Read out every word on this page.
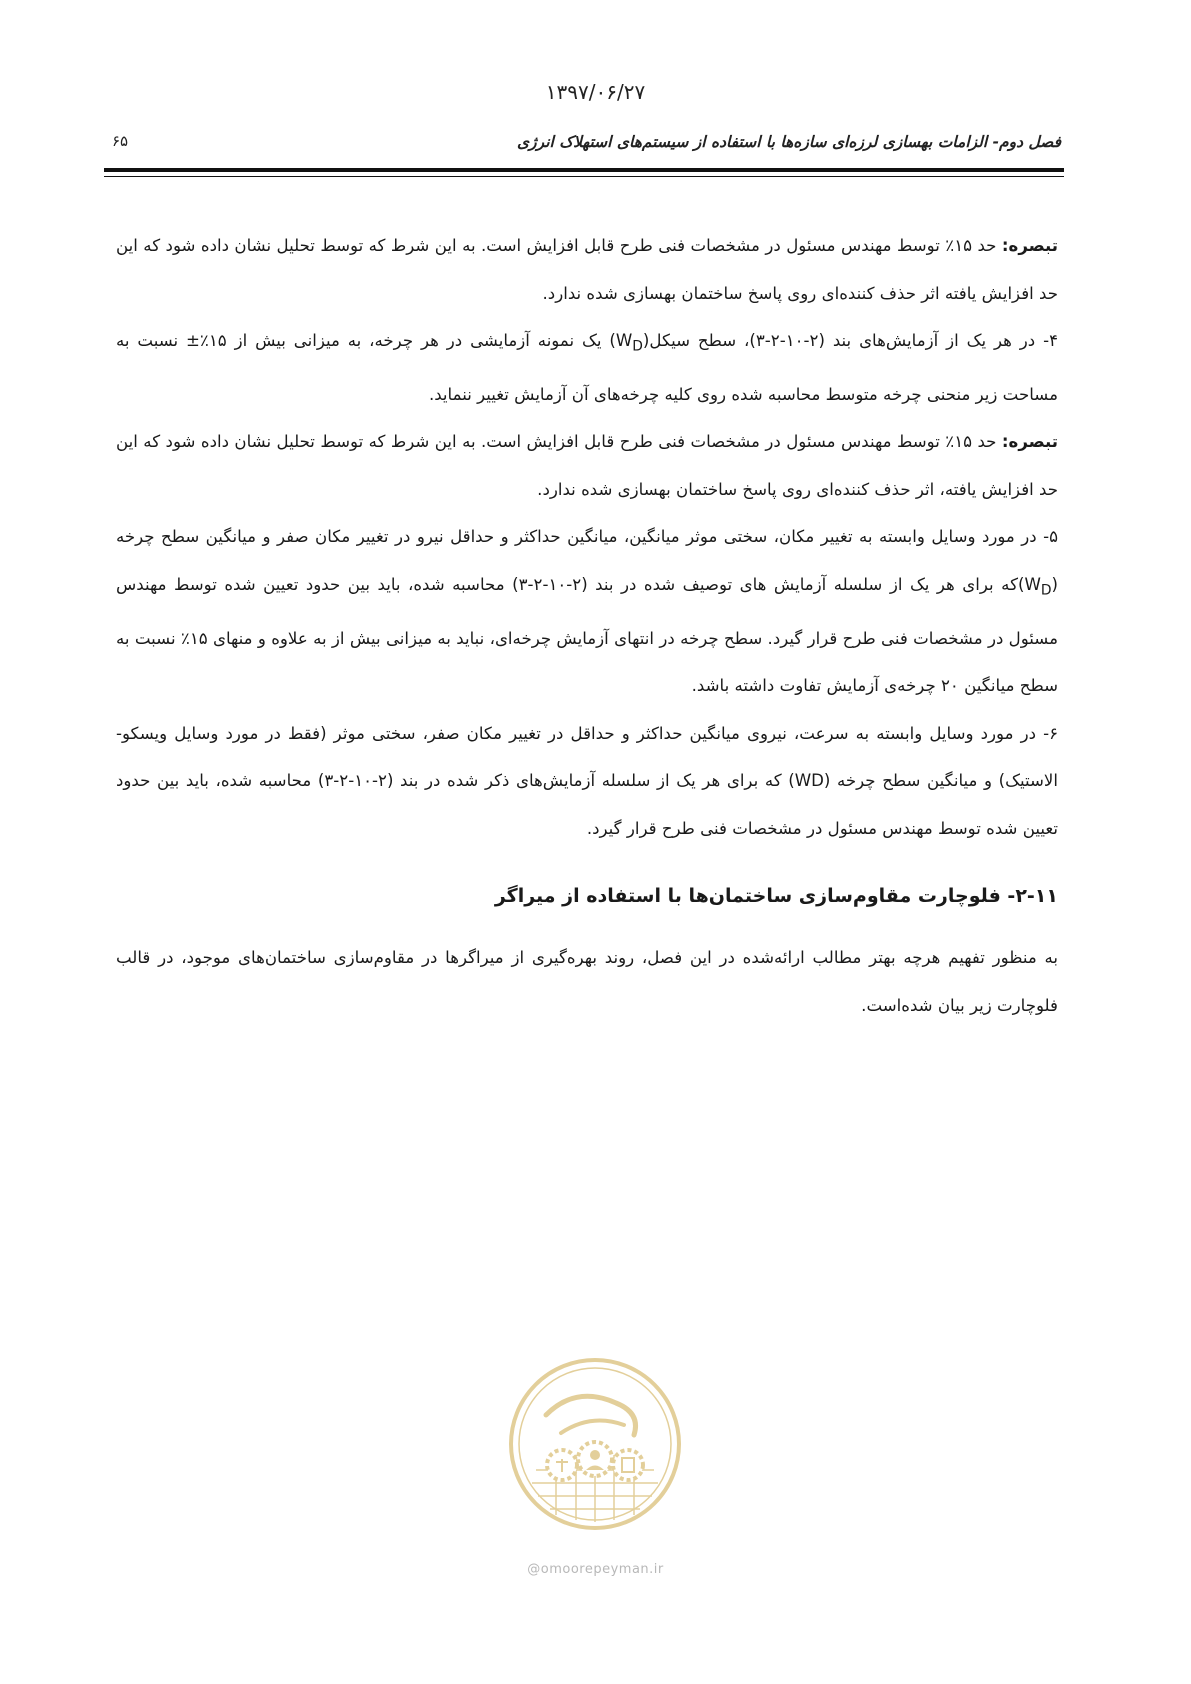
۱۳۹۷/۰۶/۲۷
فصل دوم- الزامات بهسازی لرزه‌ای سازه‌ها با استفاده از سیستم‌های استهلاک انرژی
۶۵

تبصره: حد ۱۵٪ توسط مهندس مسئول در مشخصات فنی طرح قابل افزایش است. به این شرط که توسط تحلیل نشان داده شود که این حد افزایش یافته اثر حذف کننده‌ای روی پاسخ ساختمان بهسازی شده ندارد.

۴- در هر یک از آزمایش‌های بند (۲-۱۰-۲-۳)، سطح $سیکل(W_D)$ یک نمونه آزمایشی در هر چرخه، به میزانی بیش از ۱۵٪± نسبت به مساحت زیر منحنی چرخه متوسط محاسبه شده روی کلیه چرخه‌های آن آزمایش تغییر ننماید.

تبصره: حد ۱۵٪ توسط مهندس مسئول در مشخصات فنی طرح قابل افزایش است. به این شرط که توسط تحلیل نشان داده شود که این حد افزایش یافته، اثر حذف کننده‌ای روی پاسخ ساختمان بهسازی شده ندارد.

۵- در مورد وسایل وابسته به تغییر مکان، سختی موثر میانگین، میانگین حداکثر و حداقل نیرو در تغییر مکان صفر و میانگین سطح چرخه $(W_D)که$ برای هر یک از سلسله آزمایش های توصیف شده در بند (۲-۱۰-۲-۳) محاسبه شده، باید بین حدود تعیین شده توسط مهندس مسئول در مشخصات فنی طرح قرار گیرد. سطح چرخه در انتهای آزمایش چرخه‌ای، نباید به میزانی بیش از به علاوه و منهای ۱۵٪ نسبت به سطح میانگین ۲۰ چرخه‌ی آزمایش تفاوت داشته باشد.

۶- در مورد وسایل وابسته به سرعت، نیروی میانگین حداکثر و حداقل در تغییر مکان صفر، سختی موثر (فقط در مورد وسایل ویسکو-الاستیک) و میانگین سطح چرخه (WD) که برای هر یک از سلسله آزمایش‌های ذکر شده در بند (۲-۱۰-۲-۳) محاسبه شده، باید بین حدود تعیین شده توسط مهندس مسئول در مشخصات فنی طرح قرار گیرد.

۲-۱۱- فلوچارت مقاوم‌سازی ساختمان‌ها با استفاده از میراگر

به منظور تفهیم هرچه بهتر مطالب ارائه‌شده در این فصل، روند بهره‌گیری از میراگرها در مقاوم‌سازی ساختمان‌های موجود، در قالب فلوچارت زیر بیان شده‌است.

@omoorepeyman.ir
